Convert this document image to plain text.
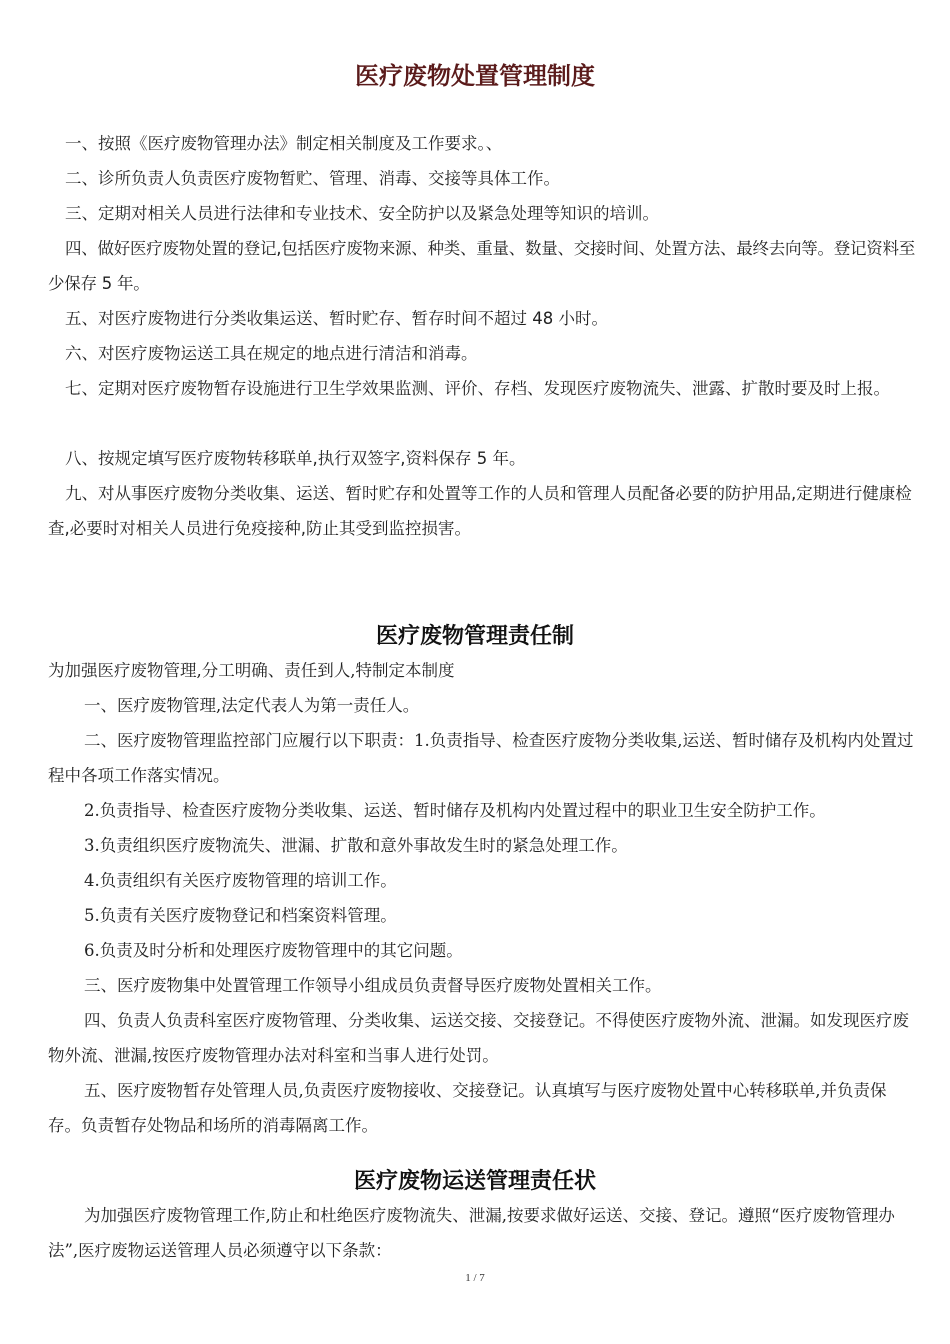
医疗废物处置管理制度

一、按照《医疗废物管理办法》制定相关制度及工作要求。、

二、诊所负责人负责医疗废物暂贮、管理、消毒、交接等具体工作。

三、定期对相关人员进行法律和专业技术、安全防护以及紧急处理等知识的培训。

四、做好医疗废物处置的登记,包括医疗废物来源、种类、重量、数量、交接时间、处置方法、最终去向等。登记资料至少保存 5 年。

五、对医疗废物进行分类收集运送、暂时贮存、暂存时间不超过 48 小时。

六、对医疗废物运送工具在规定的地点进行清洁和消毒。

七、定期对医疗废物暂存设施进行卫生学效果监测、评价、存档、发现医疗废物流失、泄露、扩散时要及时上报。

八、按规定填写医疗废物转移联单,执行双签字,资料保存 5 年。

九、对从事医疗废物分类收集、运送、暂时贮存和处置等工作的人员和管理人员配备必要的防护用品,定期进行健康检查,必要时对相关人员进行免疫接种,防止其受到监控损害。

医疗废物管理责任制

为加强医疗废物管理,分工明确、责任到人,特制定本制度

一、医疗废物管理,法定代表人为第一责任人。

二、医疗废物管理监控部门应履行以下职责：1.负责指导、检查医疗废物分类收集,运送、暂时储存及机构内处置过程中各项工作落实情况。

2.负责指导、检查医疗废物分类收集、运送、暂时储存及机构内处置过程中的职业卫生安全防护工作。

3.负责组织医疗废物流失、泄漏、扩散和意外事故发生时的紧急处理工作。

4.负责组织有关医疗废物管理的培训工作。

5.负责有关医疗废物登记和档案资料管理。

6.负责及时分析和处理医疗废物管理中的其它问题。

三、医疗废物集中处置管理工作领导小组成员负责督导医疗废物处置相关工作。

四、负责人负责科室医疗废物管理、分类收集、运送交接、交接登记。不得使医疗废物外流、泄漏。如发现医疗废物外流、泄漏,按医疗废物管理办法对科室和当事人进行处罚。

五、医疗废物暂存处管理人员,负责医疗废物接收、交接登记。认真填写与医疗废物处置中心转移联单,并负责保存。负责暂存处物品和场所的消毒隔离工作。

医疗废物运送管理责任状

为加强医疗废物管理工作,防止和杜绝医疗废物流失、泄漏,按要求做好运送、交接、登记。遵照“医疗废物管理办法”,医疗废物运送管理人员必须遵守以下条款：

1 / 7
